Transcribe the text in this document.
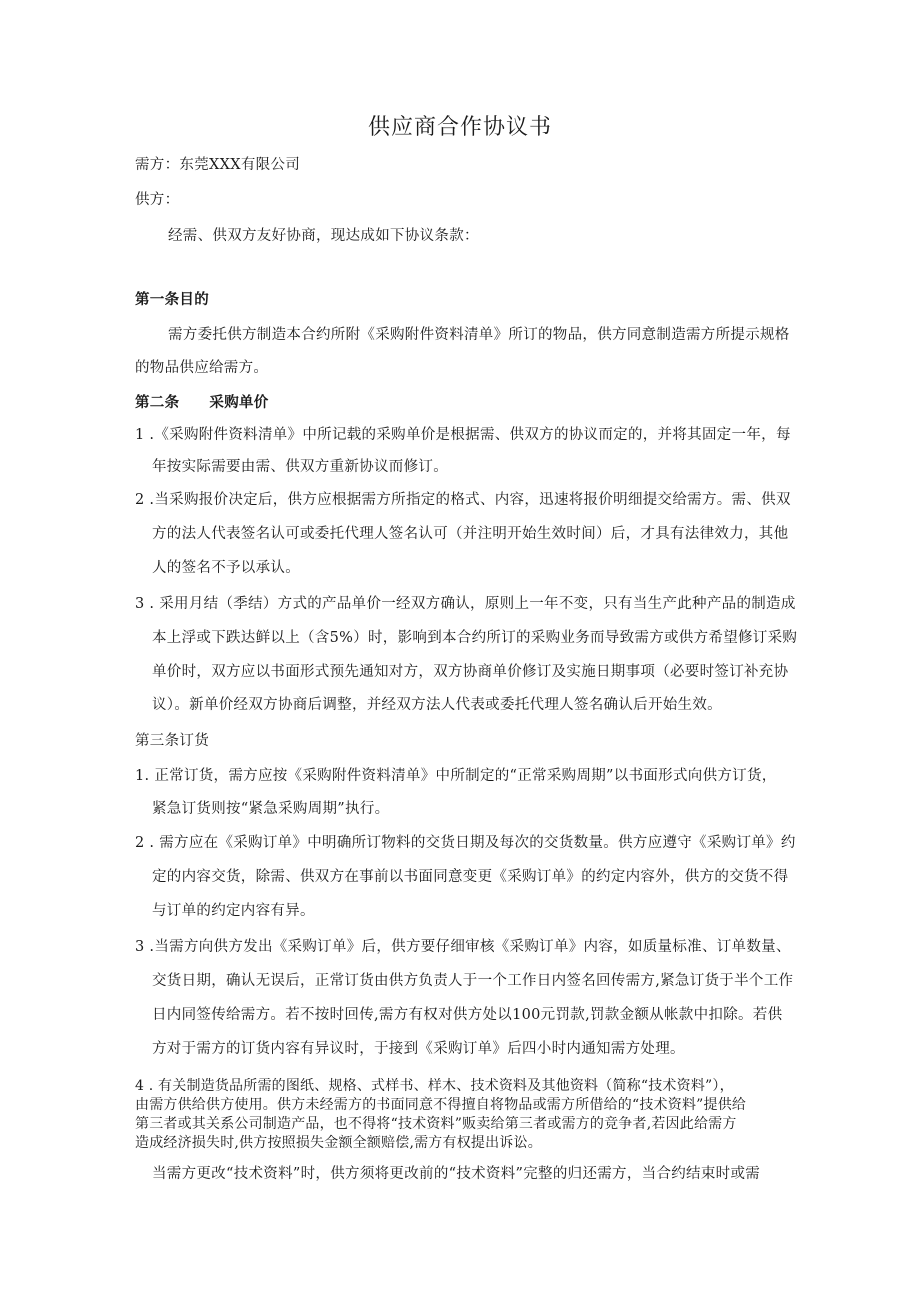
供应商合作协议书
需方：东莞XXX有限公司
供方：
经需、供双方友好协商，现达成如下协议条款：
第一条目的
需方委托供方制造本合约所附《采购附件资料清单》所订的物品，供方同意制造需方所提示规格
的物品供应给需方。
第二条 采购单价
1 .《采购附件资料清单》中所记载的采购单价是根据需、供双方的协议而定的，并将其固定一年，每
年按实际需要由需、供双方重新协议而修订。
2 .当采购报价决定后，供方应根据需方所指定的格式、内容，迅速将报价明细提交给需方。需、供双
方的法人代表签名认可或委托代理人签名认可（并注明开始生效时间）后，才具有法律效力，其他
人的签名不予以承认。
3 . 采用月结（季结）方式的产品单价一经双方确认，原则上一年不变，只有当生产此种产品的制造成
本上浮或下跌达鲜以上（含5%）时，影响到本合约所订的采购业务而导致需方或供方希望修订采购
单价时，双方应以书面形式预先通知对方，双方协商单价修订及实施日期事项（必要时签订补充协
议）。新单价经双方协商后调整，并经双方法人代表或委托代理人签名确认后开始生效。
第三条订货
1. 正常订货，需方应按《采购附件资料清单》中所制定的“正常采购周期”以书面形式向供方订货，
紧急订货则按“紧急采购周期”执行。
2 . 需方应在《采购订单》中明确所订物料的交货日期及每次的交货数量。供方应遵守《采购订单》约
定的内容交货，除需、供双方在事前以书面同意变更《采购订单》的约定内容外，供方的交货不得
与订单的约定内容有异。
3 .当需方向供方发出《采购订单》后，供方要仔细审核《采购订单》内容，如质量标准、订单数量、
交货日期，确认无误后，正常订货由供方负责人于一个工作日内签名回传需方,紧急订货于半个工作
日内同签传给需方。若不按时回传,需方有权对供方处以100元罚款,罚款金额从帐款中扣除。若供
方对于需方的订货内容有异议时，于接到《采购订单》后四小时内通知需方处理。
4 . 有关制造货品所需的图纸、规格、式样书、样木、技术资料及其他资料（简称“技术资料”），
由需方供给供方使用。供方未经需方的书面同意不得擅自将物品或需方所借给的“技术资料”提供给
第三者或其关系公司制造产品，也不得将“技术资料”贩卖给第三者或需方的竞争者,若因此给需方
造成经济损失时,供方按照损失金额全额赔偿,需方有权提出诉讼。
当需方更改“技术资料”时，供方须将更改前的“技术资料”完整的归还需方，当合约结束时或需
